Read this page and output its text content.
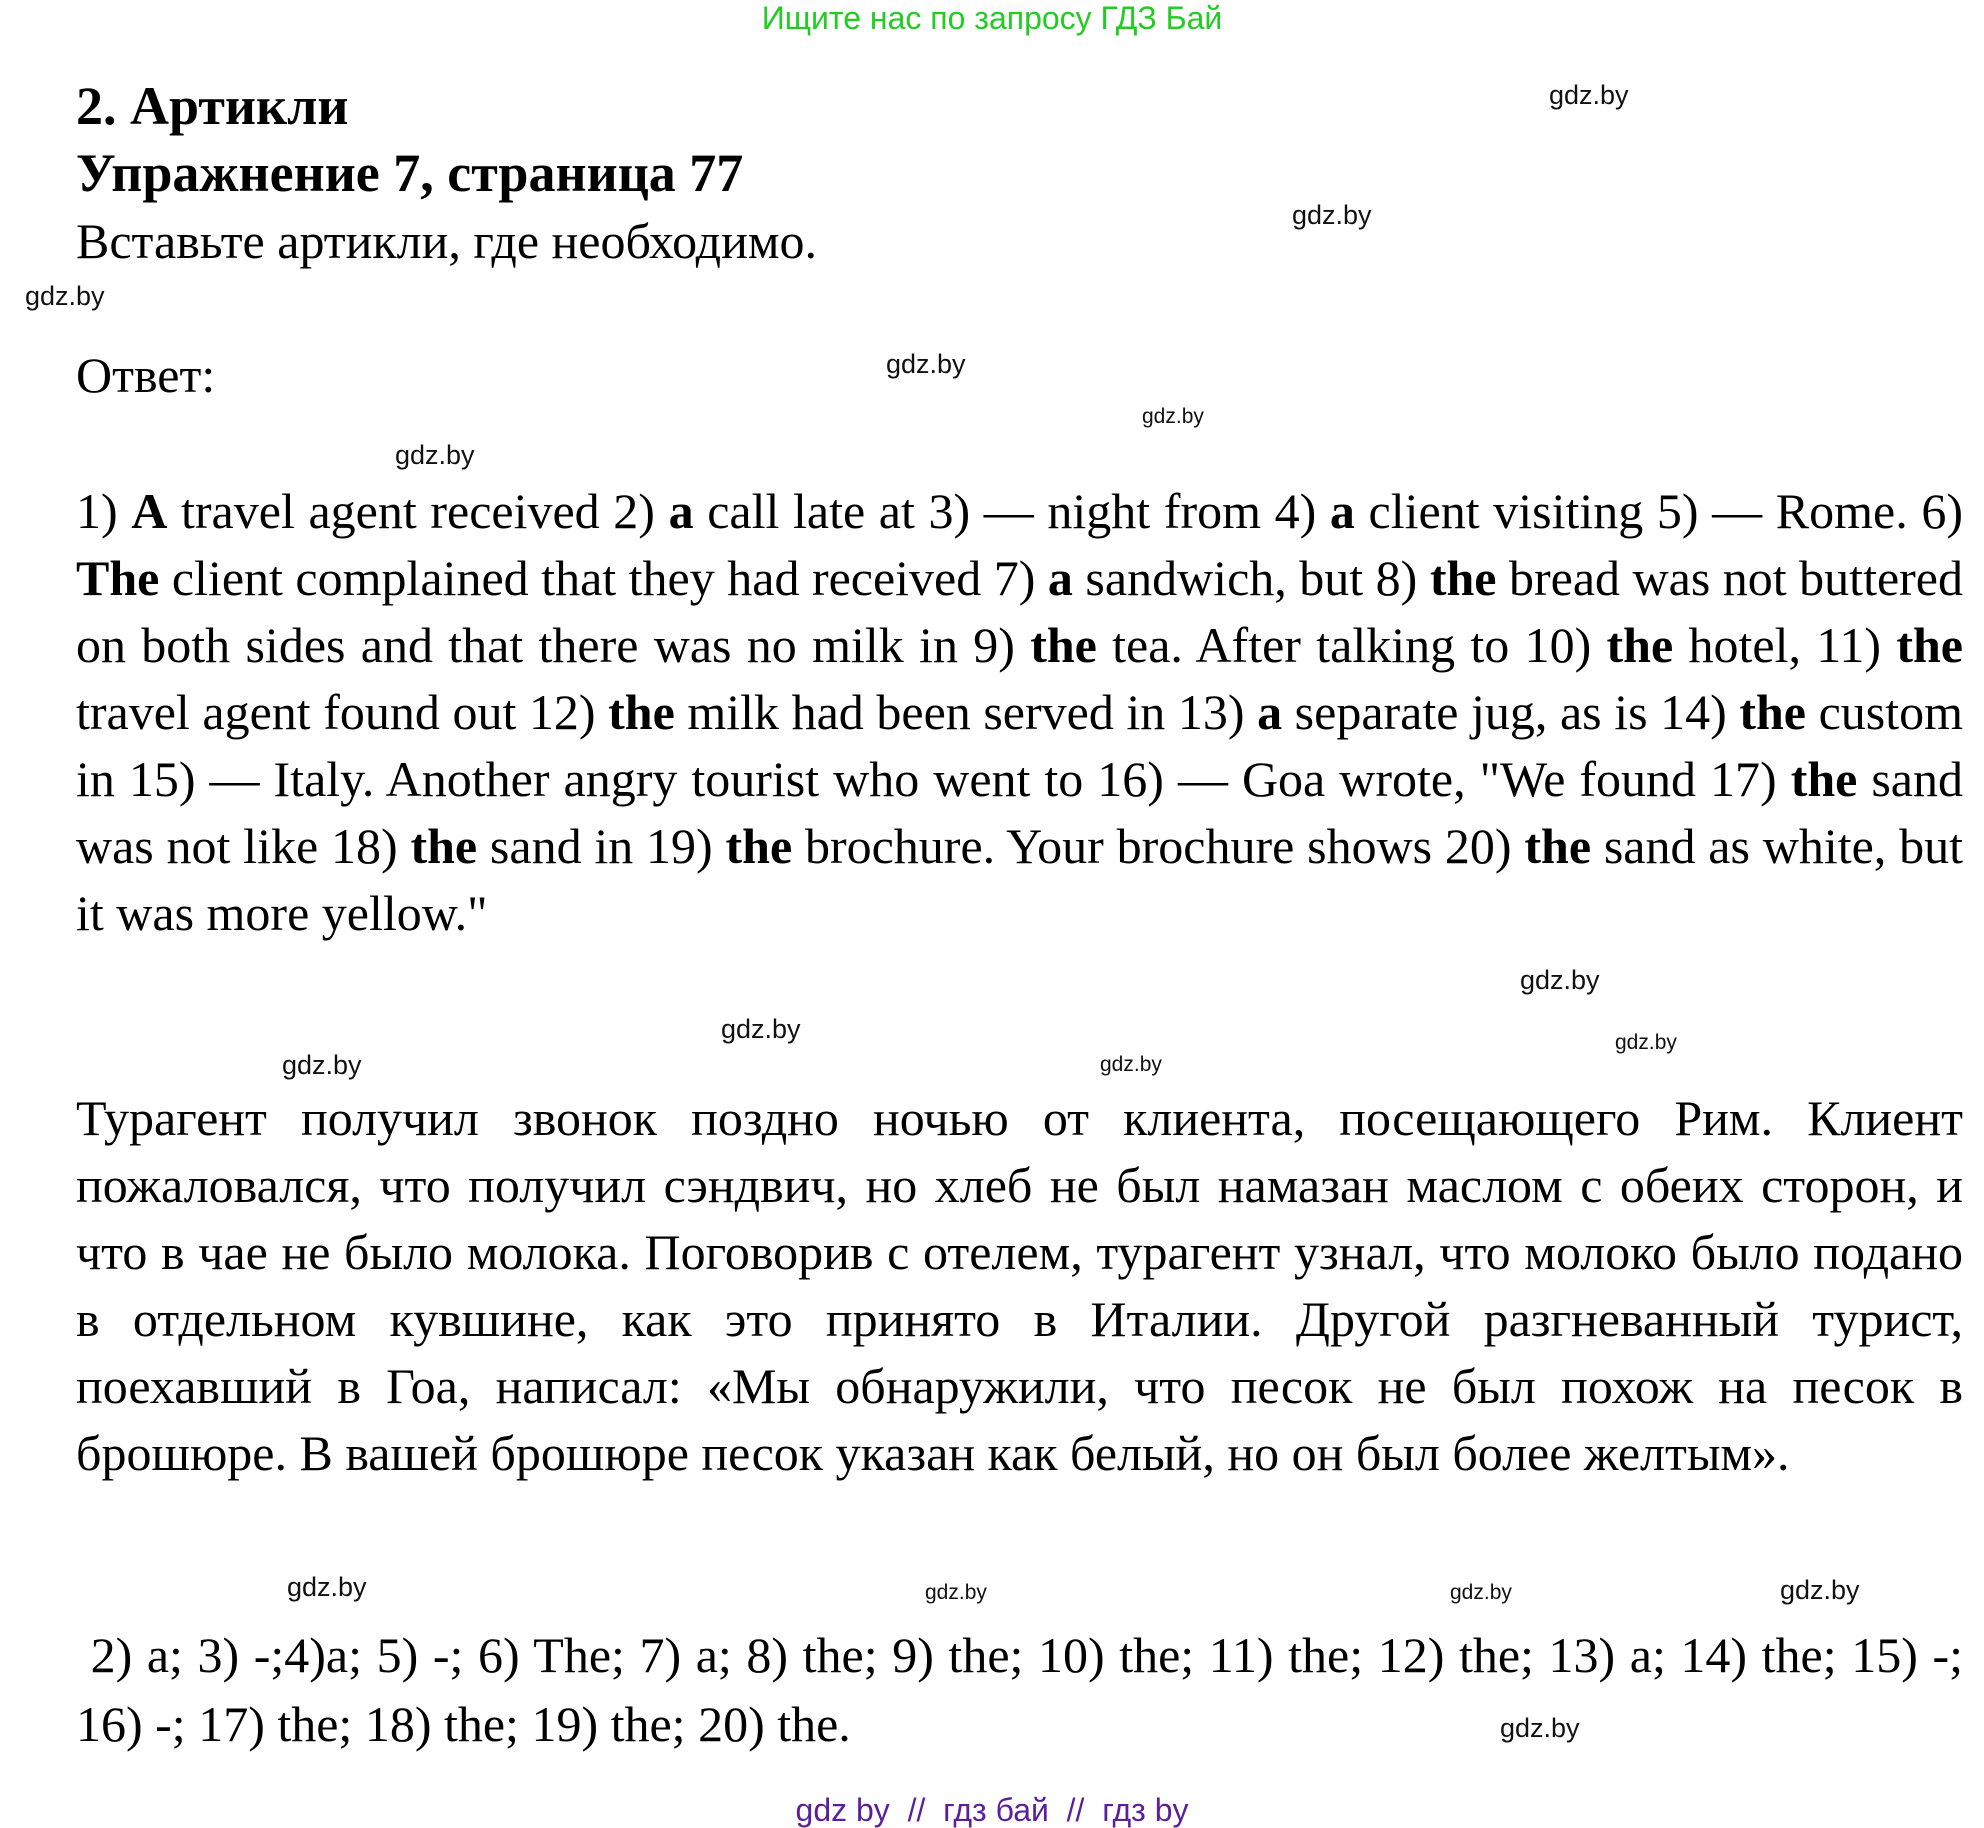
Ищите нас по запросу ГДЗ Бай
2. Артикли
Упражнение 7, страница 77
Вставьте артикли, где необходимо.
Ответ:
1) A travel agent received 2) a call late at 3) — night from 4) a client visiting 5) — Rome. 6) The client complained that they had received 7) a sandwich, but 8) the bread was not buttered on both sides and that there was no milk in 9) the tea. After talking to 10) the hotel, 11) the travel agent found out 12) the milk had been served in 13) a separate jug, as is 14) the custom in 15) — Italy. Another angry tourist who went to 16) — Goa wrote, "We found 17) the sand was not like 18) the sand in 19) the brochure. Your brochure shows 20) the sand as white, but it was more yellow."
Турагент получил звонок поздно ночью от клиента, посещающего Рим. Клиент пожаловался, что получил сэндвич, но хлеб не был намазан маслом с обеих сторон, и что в чае не было молока. Поговорив с отелем, турагент узнал, что молоко было подано в отдельном кувшине, как это принято в Италии. Другой разгневанный турист, поехавший в Гоа, написал: «Мы обнаружили, что песок не был похож на песок в брошюре. В вашей брошюре песок указан как белый, но он был более желтым».
2) a; 3) -;4)a; 5) -; 6) The; 7) a; 8) the; 9) the; 10) the; 11) the; 12) the; 13) a; 14) the; 15) -; 16) -; 17) the; 18) the; 19) the; 20) the.
gdz.by
gdz.by
gdz.by
gdz.by
gdz.by
gdz.by
gdz.by
gdz.by
gdz.by
gdz.by
gdz.by
gdz.by	gdz.by
gdz.by	gdz.by
gdz.by
gdz by  //  гдз бай  //  гдз by
